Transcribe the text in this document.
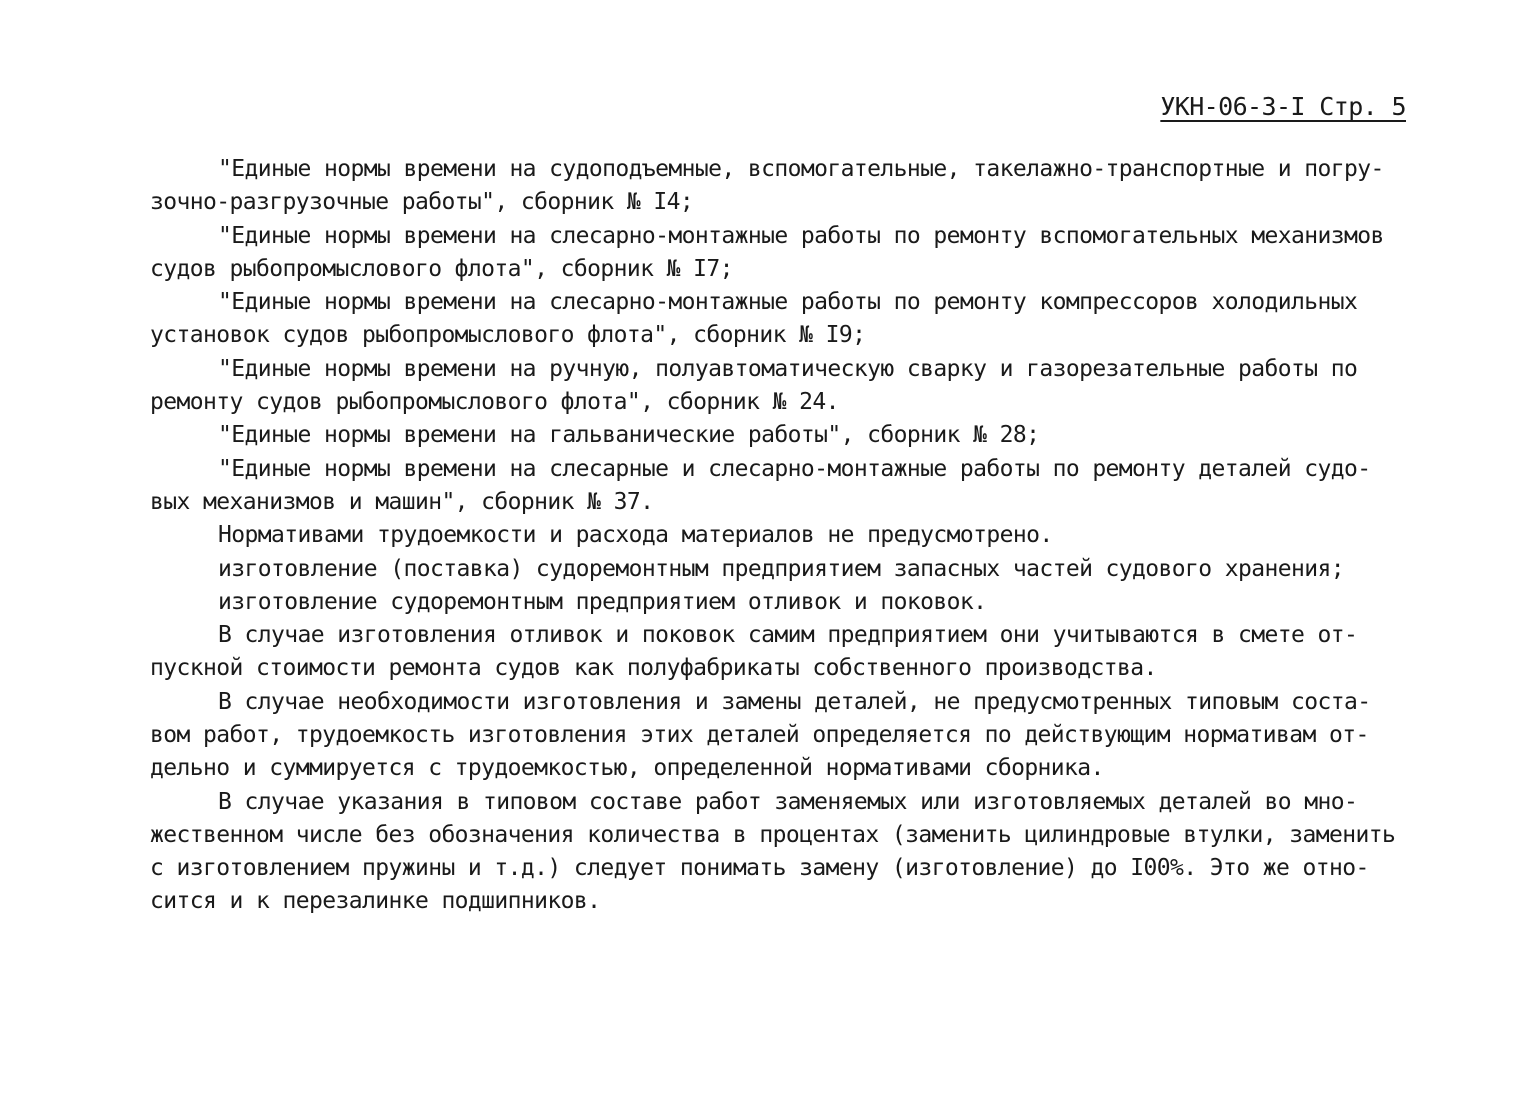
УКН-06-3-I Стр. 5
"Единые нормы времени на судоподъемные, вспомогательные, такелажно-транспортные и погру-
зочно-разгрузочные работы", сборник № I4;
"Единые нормы времени на слесарно-монтажные работы по ремонту вспомогательных механизмов
судов рыбопромыслового флота", сборник № I7;
"Единые нормы времени на слесарно-монтажные работы по ремонту компрессоров холодильных
установок судов рыбопромыслового флота", сборник № I9;
"Единые нормы времени на ручную, полуавтоматическую сварку и газорезательные работы по
ремонту судов рыбопромыслового флота", сборник № 24.
"Единые нормы времени на гальванические работы", сборник № 28;
"Единые нормы времени на слесарные и слесарно-монтажные работы по ремонту деталей судо-
вых механизмов и машин", сборник № 37.
Нормативами трудоемкости и расхода материалов не предусмотрено.
изготовление (поставка) судоремонтным предприятием запасных частей судового хранения;
изготовление судоремонтным предприятием отливок и поковок.
В случае изготовления отливок и поковок самим предприятием они учитываются в смете от-
пускной стоимости ремонта судов как полуфабрикаты собственного производства.
В случае необходимости изготовления и замены деталей, не предусмотренных типовым соста-
вом работ, трудоемкость изготовления этих деталей определяется по действующим нормативам от-
дельно и суммируется с трудоемкостью, определенной нормативами сборника.
В случае указания в типовом составе работ заменяемых или изготовляемых деталей во мно-
жественном числе без обозначения количества в процентах (заменить цилиндровые втулки, заменить
с изготовлением пружины и т.д.) следует понимать замену (изготовление) до I00%. Это же отно-
сится и к перезалинке подшипников.
